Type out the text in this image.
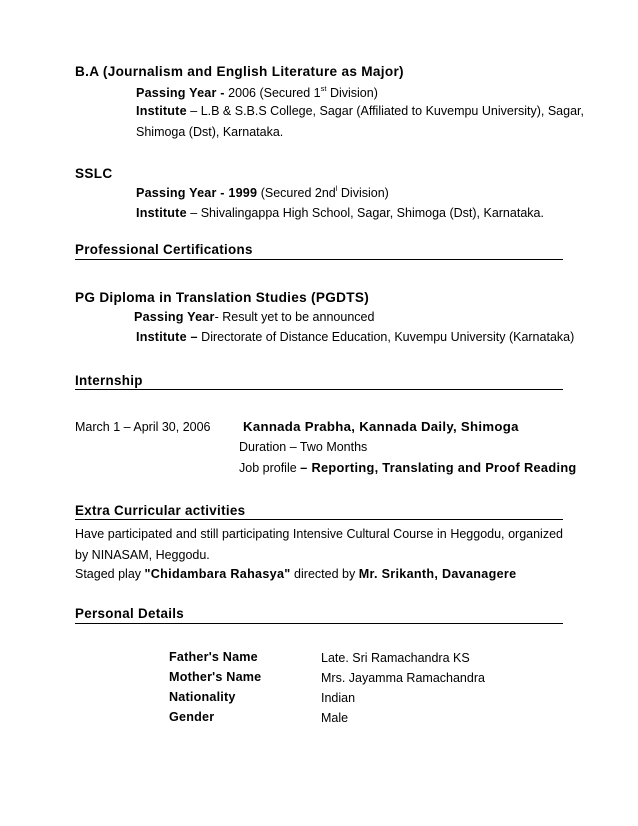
B.A (Journalism and English Literature as Major)
Passing Year - 2006 (Secured 1st Division)
Institute – L.B & S.B.S College, Sagar (Affiliated to Kuvempu University), Sagar,
Shimoga (Dst), Karnataka.
SSLC
Passing Year - 1999 (Secured $2nd^l$ Division)
Institute – Shivalingappa High School, Sagar, Shimoga (Dst), Karnataka.
Professional Certifications
PG Diploma in Translation Studies (PGDTS)
Passing Year- Result yet to be announced
Institute – Directorate of Distance Education, Kuvempu University (Karnataka)
Internship
March 1 – April 30, 2006 Kannada Prabha, Kannada Daily, Shimoga
Duration – Two Months
Job profile – Reporting, Translating and Proof Reading
Extra Curricular activities
Have participated and still participating Intensive Cultural Course in Heggodu, organized by NINASAM, Heggodu.
Staged play "Chidambara Rahasya" directed by Mr. Srikanth, Davanagere
Personal Details
Father's Name	Late. Sri Ramachandra KS
Mother's Name	Mrs. Jayamma Ramachandra
Nationality	Indian
Gender	Male
